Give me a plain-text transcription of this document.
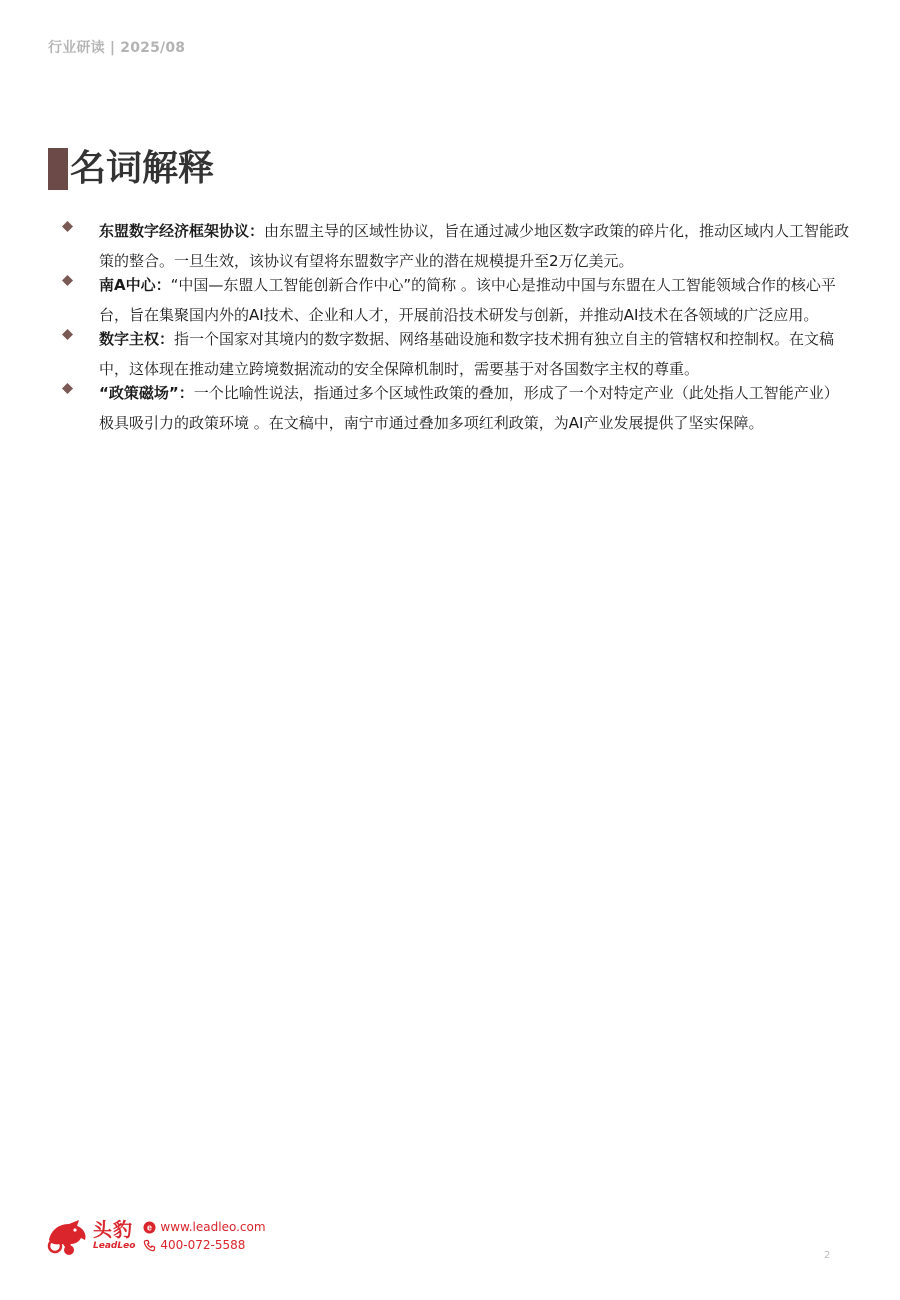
行业研读 | 2025/08
名词解释
东盟数字经济框架协议：由东盟主导的区域性协议，旨在通过减少地区数字政策的碎片化，推动区域内人工智能政策的整合。一旦生效，该协议有望将东盟数字产业的潜在规模提升至2万亿美元。
南A中心：“中国—东盟人工智能创新合作中心”的简称 。该中心是推动中国与东盟在人工智能领域合作的核心平台，旨在集聚国内外的AI技术、企业和人才，开展前沿技术研发与创新，并推动AI技术在各领域的广泛应用。
数字主权：指一个国家对其境内的数字数据、网络基础设施和数字技术拥有独立自主的管辖权和控制权。在文稿中，这体现在推动建立跨境数据流动的安全保障机制时，需要基于对各国数字主权的尊重。
“政策磁场”：一个比喻性说法，指通过多个区域性政策的叠加，形成了一个对特定产业（此处指人工智能产业）极具吸引力的政策环境 。在文稿中，南宁市通过叠加多项红利政策，为AI产业发展提供了坚实保障。
头豹
LeadLeo
e www.leadleo.com
400-072-5588
2
